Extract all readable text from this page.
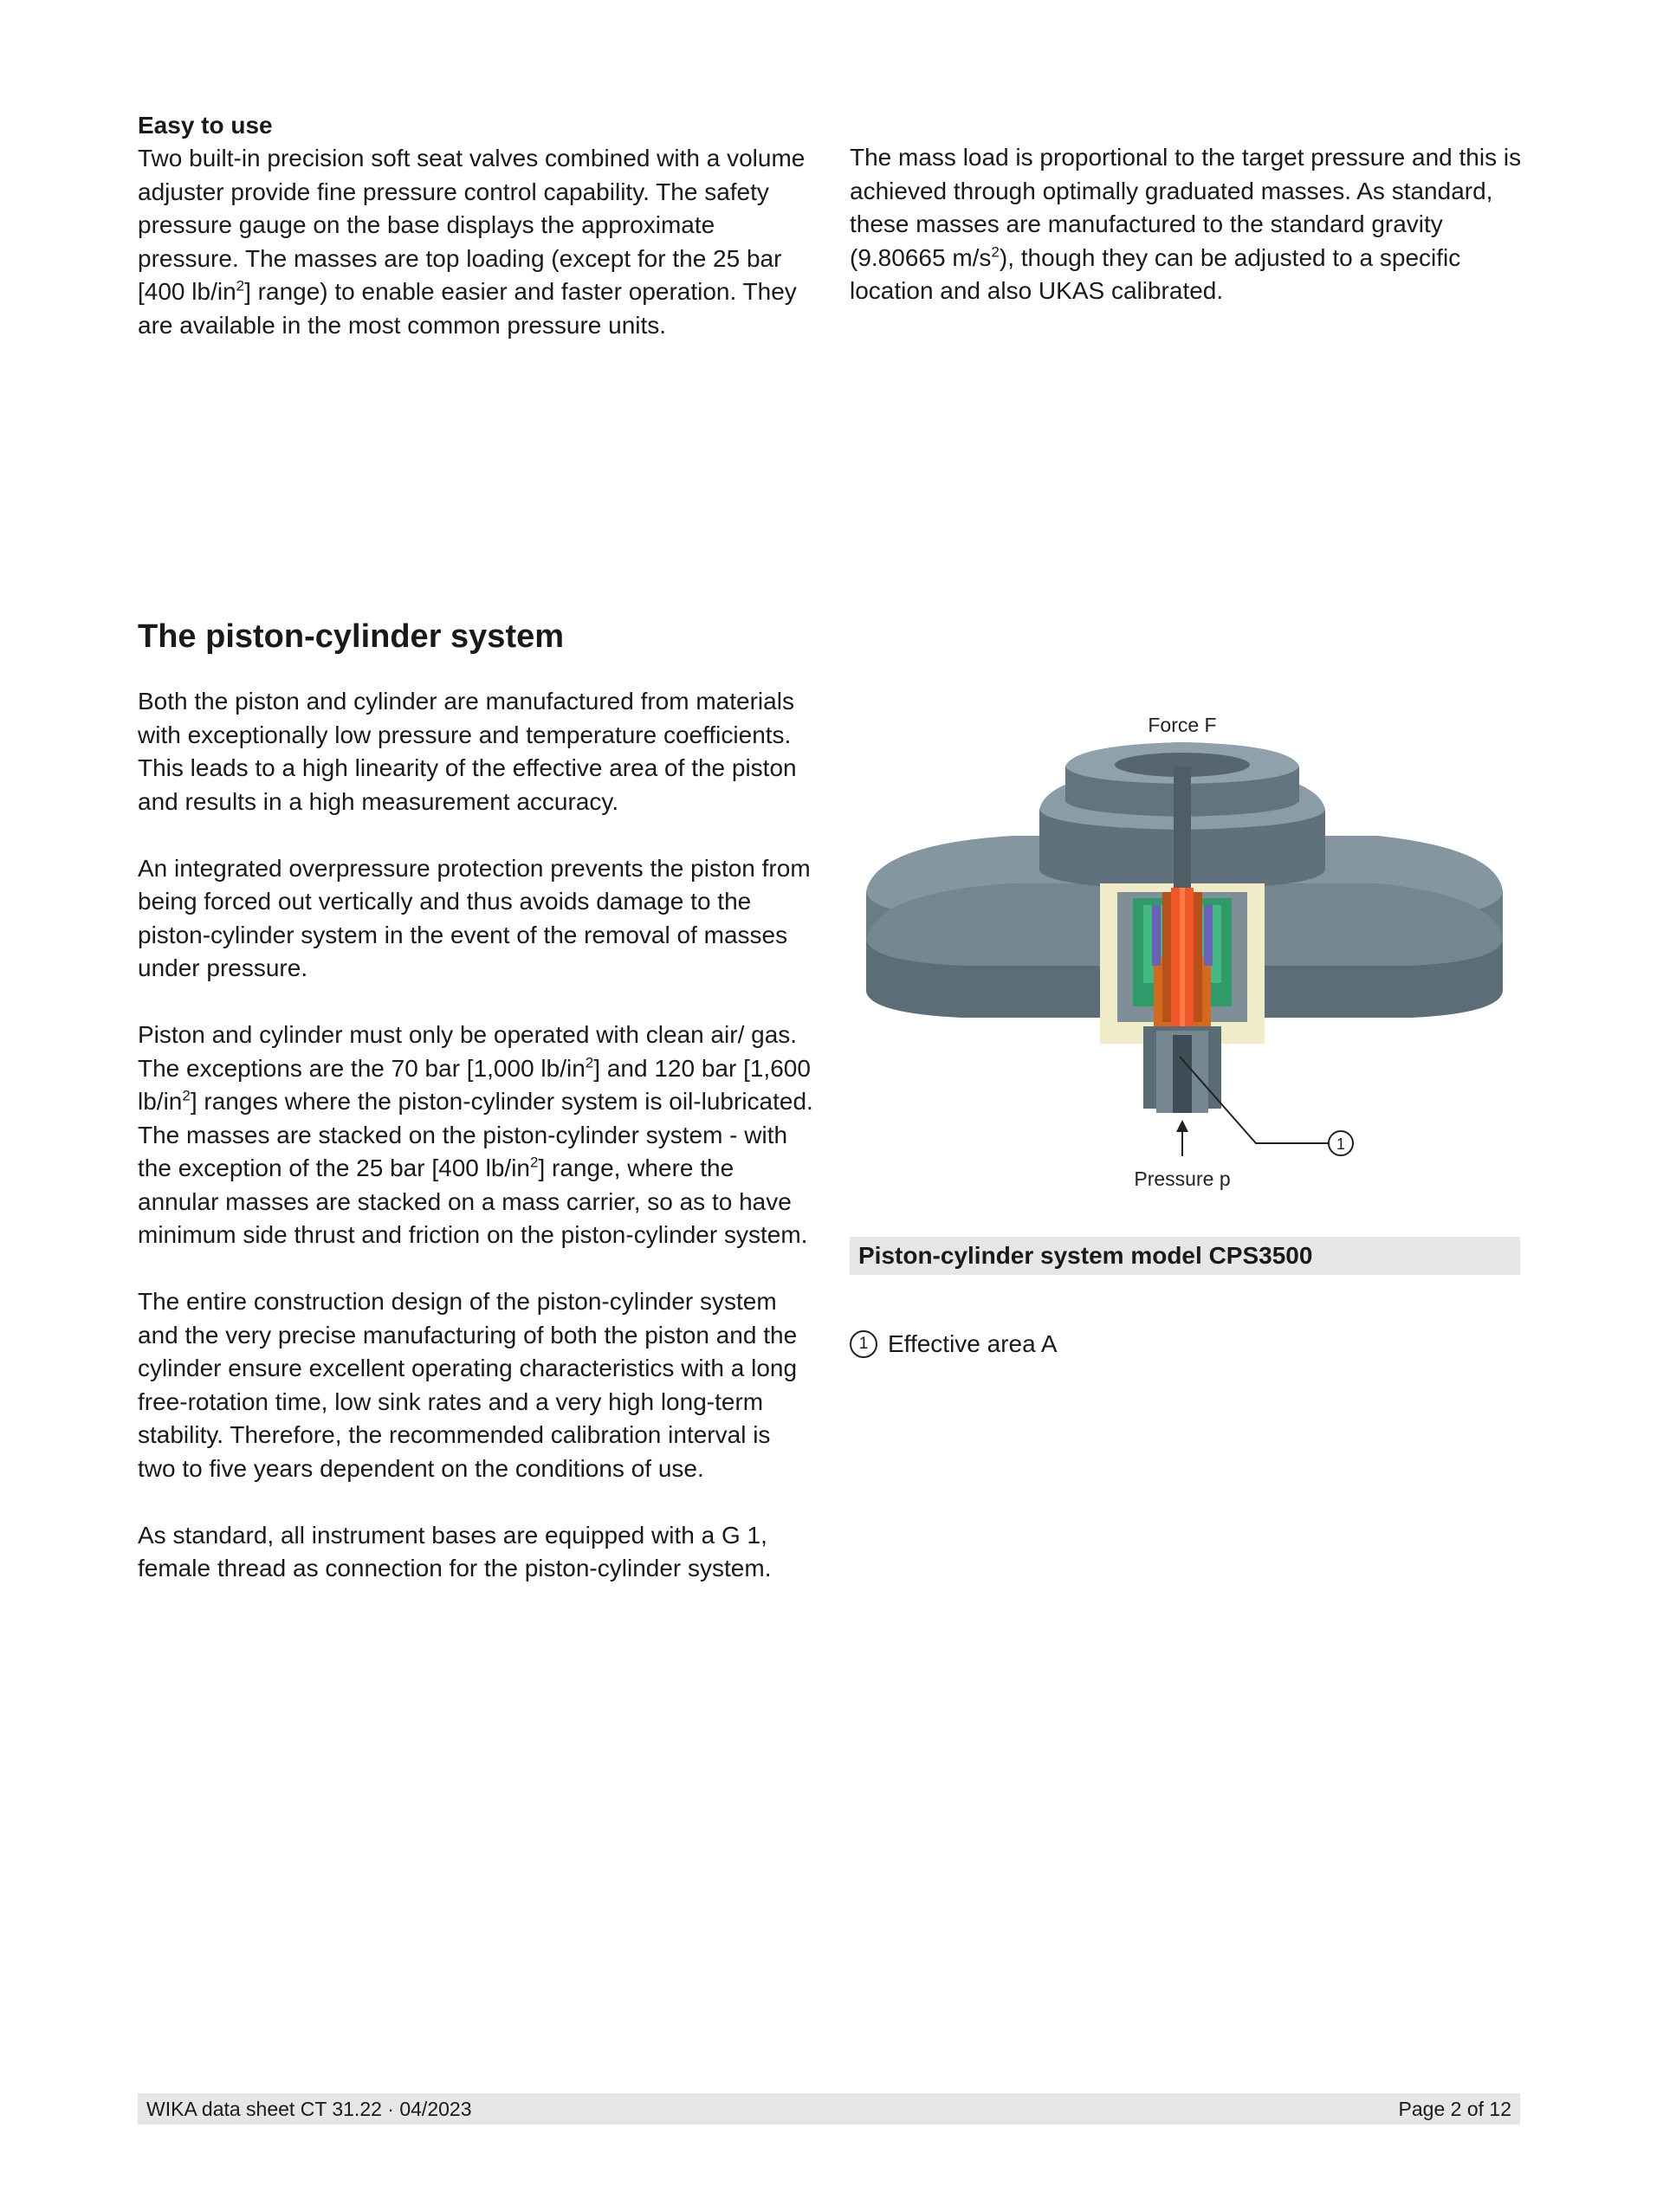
Easy to use

Two built-in precision soft seat valves combined with a volume adjuster provide fine pressure control capability. The safety pressure gauge on the base displays the approximate pressure. The masses are top loading (except for the 25 bar [400 $lb/in^2$] range) to enable easier and faster operation. They are available in the most common pressure units.

The mass load is proportional to the target pressure and this is achieved through optimally graduated masses. As standard, these masses are manufactured to the standard gravity (9.80665 $m/s^2$), though they can be adjusted to a specific location and also UKAS calibrated.

The piston-cylinder system

Both the piston and cylinder are manufactured from materials with exceptionally low pressure and temperature coefficients. This leads to a high linearity of the effective area of the piston and results in a high measurement accuracy.

An integrated overpressure protection prevents the piston from being forced out vertically and thus avoids damage to the piston-cylinder system in the event of the removal of masses under pressure.

Piston and cylinder must only be operated with clean air/ gas. The exceptions are the 70 bar [1,000 $lb/in^2$] and 120 bar [1,600 $lb/in^2$] ranges where the piston-cylinder system is oil-lubricated.
The masses are stacked on the piston-cylinder system - with the exception of the 25 bar [400 $lb/in^2$] range, where the annular masses are stacked on a mass carrier, so as to have minimum side thrust and friction on the piston-cylinder system.

The entire construction design of the piston-cylinder system and the very precise manufacturing of both the piston and the cylinder ensure excellent operating characteristics with a long free-rotation time, low sink rates and a very high long-term stability. Therefore, the recommended calibration interval is two to five years dependent on the conditions of use.

As standard, all instrument bases are equipped with a G 1, female thread as connection for the piston-cylinder system.

Force F
Pressure p
1
Piston-cylinder system model CPS3500
1 Effective area A
WIKA data sheet CT 31.22 · 04/2023	Page 2 of 12
